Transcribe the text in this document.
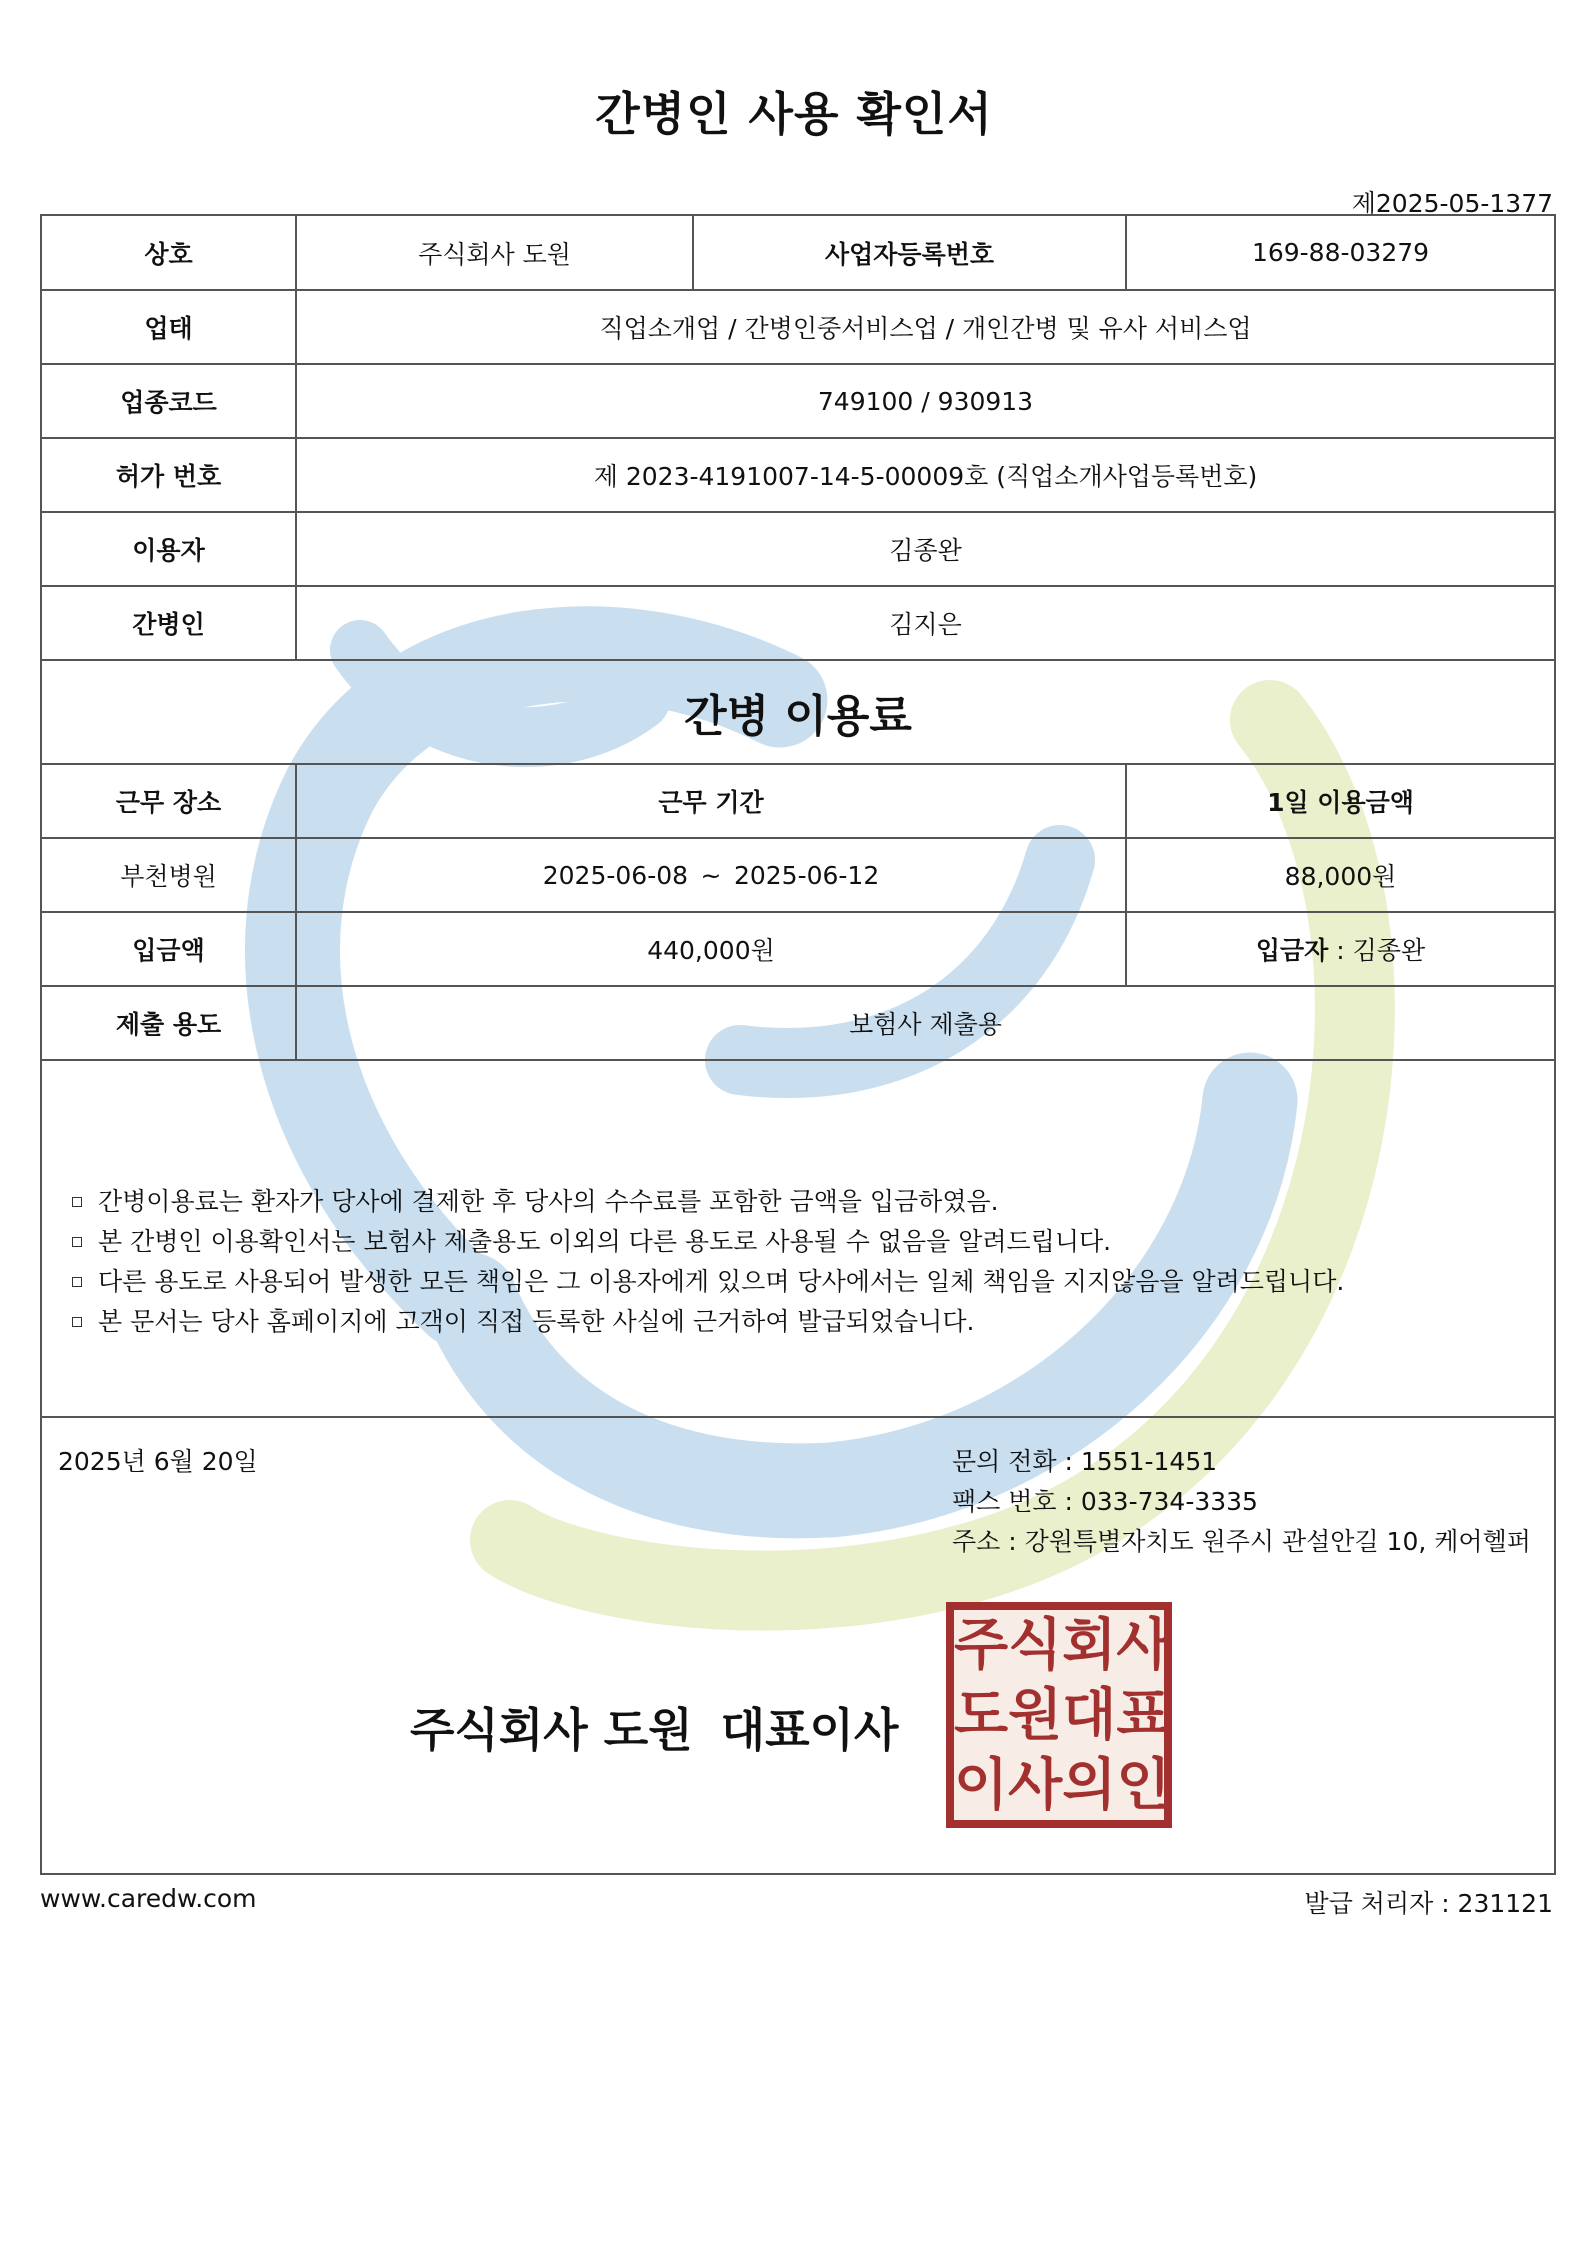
간병인 사용 확인서
제2025-05-1377
상호	주식회사 도원	사업자등록번호	169-88-03279
업태	직업소개업 / 간병인중서비스업 / 개인간병 및 유사 서비스업		
업종코드	749100 / 930913		
허가 번호	제 2023-4191007-14-5-00009호 (직업소개사업등록번호)		
이용자	김종완		
간병인	김지은		
간병 이용료			
근무 장소	근무 기간		1일 이용금액
부천병원	2025-06-08 ~ 2025-06-12		88,000원
입금액	440,000원		입금자 : 김종완
제출 용도	보험사 제출용		
간병이용료는 환자가 당사에 결제한 후 당사의 수수료를 포함한 금액을 입금하였음.
본 간병인 이용확인서는 보험사 제출용도 이외의 다른 용도로 사용될 수 없음을 알려드립니다.
다른 용도로 사용되어 발생한 모든 책임은 그 이용자에게 있으며 당사에서는 일체 책임을 지지않음을 알려드립니다.
본 문서는 당사 홈페이지에 고객이 직접 등록한 사실에 근거하여 발급되었습니다.
2025년 6월 20일	문의 전화 : 1551-1451
팩스 번호 : 033-734-3335
주소 : 강원특별자치도 원주시 관설안길 10, 케어헬퍼
주식회사 도원 대표이사
주 식 회 사
도 원 대 표
이 사 의 인
www.caredw.com	발급 처리자 : 231121
